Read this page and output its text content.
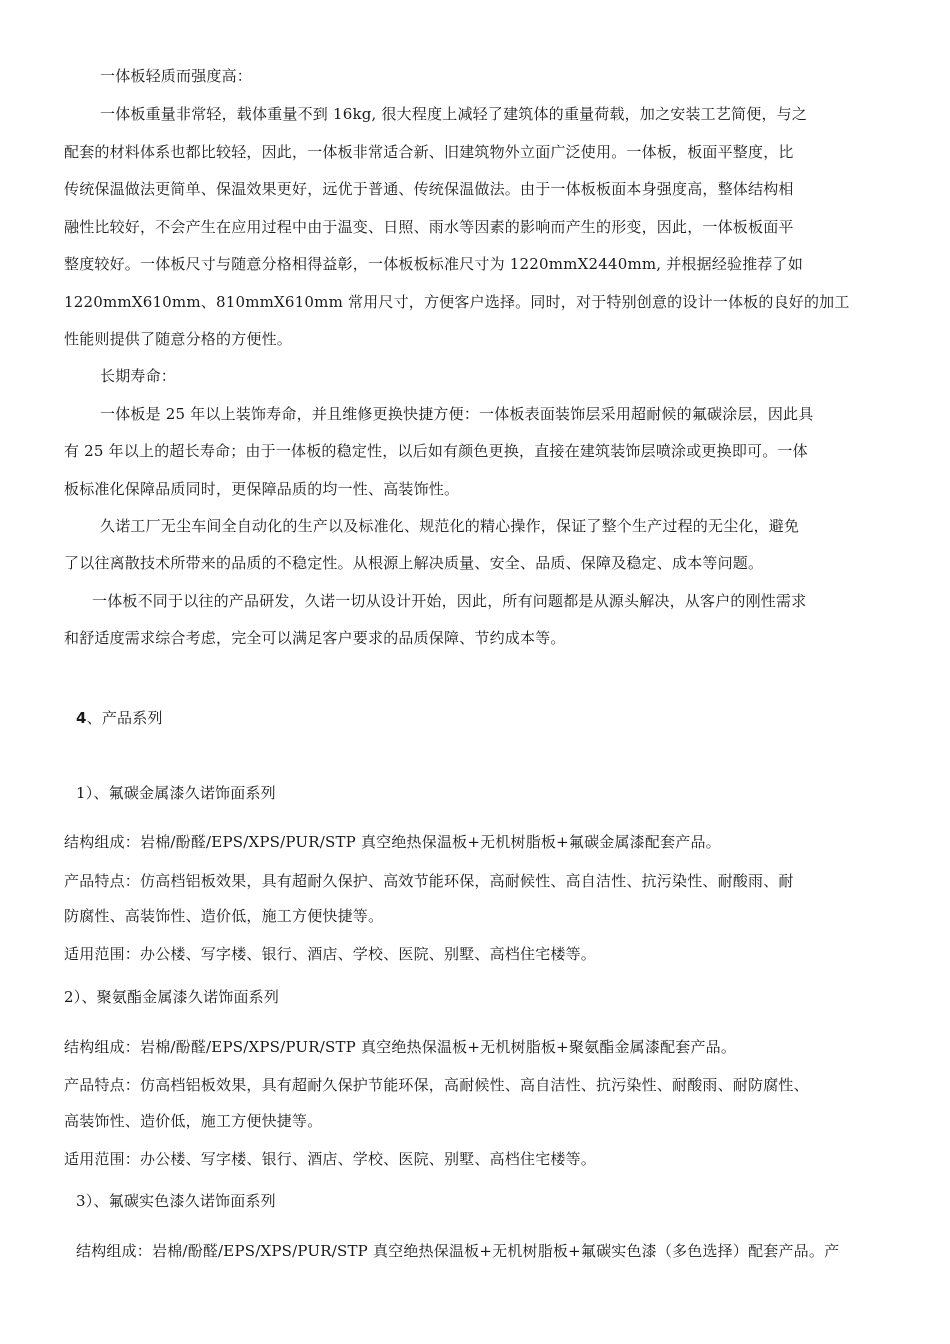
一体板轻质而强度高：
一体板重量非常轻，载体重量不到 16kg, 很大程度上减轻了建筑体的重量荷载，加之安装工艺简便，与之
配套的材料体系也都比较轻，因此，一体板非常适合新、旧建筑物外立面广泛使用。一体板，板面平整度，比
传统保温做法更简单、保温效果更好，远优于普通、传统保温做法。由于一体板板面本身强度高，整体结构相
融性比较好，不会产生在应用过程中由于温变、日照、雨水等因素的影响而产生的形变，因此，一体板板面平
整度较好。一体板尺寸与随意分格相得益彰，一体板板标准尺寸为 1220mmX2440mm, 并根据经验推荐了如
1220mmX610mm、810mmX610mm 常用尺寸，方便客户选择。同时，对于特别创意的设计一体板的良好的加工
性能则提供了随意分格的方便性。
长期寿命：
一体板是 25 年以上装饰寿命，并且维修更换快捷方便：一体板表面装饰层采用超耐候的氟碳涂层，因此具
有 25 年以上的超长寿命；由于一体板的稳定性，以后如有颜色更换，直接在建筑装饰层喷涂或更换即可。一体
板标准化保障品质同时，更保障品质的均一性、高装饰性。
久诺工厂无尘车间全自动化的生产以及标准化、规范化的精心操作，保证了整个生产过程的无尘化，避免
了以往离散技术所带来的品质的不稳定性。从根源上解决质量、安全、品质、保障及稳定、成本等问题。
一体板不同于以往的产品研发，久诺一切从设计开始，因此，所有问题都是从源头解决，从客户的刚性需求
和舒适度需求综合考虑，完全可以满足客户要求的品质保障、节约成本等。
4、产品系列
1）、氟碳金属漆久诺饰面系列
结构组成：岩棉/酚醛/EPS/XPS/PUR/STP 真空绝热保温板+无机树脂板+氟碳金属漆配套产品。
产品特点：仿高档铝板效果，具有超耐久保护、高效节能环保，高耐候性、高自洁性、抗污染性、耐酸雨、耐
防腐性、高装饰性、造价低，施工方便快捷等。
适用范围：办公楼、写字楼、银行、酒店、学校、医院、别墅、高档住宅楼等。
2）、聚氨酯金属漆久诺饰面系列
结构组成：岩棉/酚醛/EPS/XPS/PUR/STP 真空绝热保温板+无机树脂板+聚氨酯金属漆配套产品。
产品特点：仿高档铝板效果，具有超耐久保护节能环保，高耐候性、高自洁性、抗污染性、耐酸雨、耐防腐性、
高装饰性、造价低，施工方便快捷等。
适用范围：办公楼、写字楼、银行、酒店、学校、医院、别墅、高档住宅楼等。
3）、氟碳实色漆久诺饰面系列
结构组成：岩棉/酚醛/EPS/XPS/PUR/STP 真空绝热保温板+无机树脂板+氟碳实色漆（多色选择）配套产品。产
